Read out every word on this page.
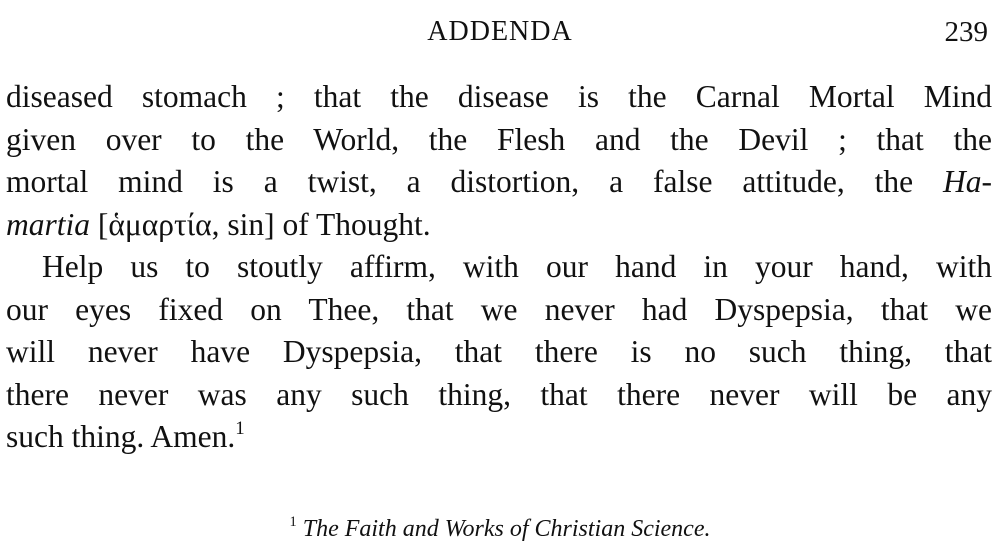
ADDENDA	239

diseased stomach ; that the disease is the Carnal Mortal Mind
given over to the World, the Flesh and the Devil ; that the
mortal mind is a twist, a distortion, a false attitude, the Ha-
martia [ἁμαρτία, sin] of Thought.

Help us to stoutly affirm, with our hand in your hand, with
our eyes fixed on Thee, that we never had Dyspepsia, that we
will never have Dyspepsia, that there is no such thing, that
there never was any such thing, that there never will be any
such thing. Amen.$^1$

$^1$ The Faith and Works of Christian Science.
